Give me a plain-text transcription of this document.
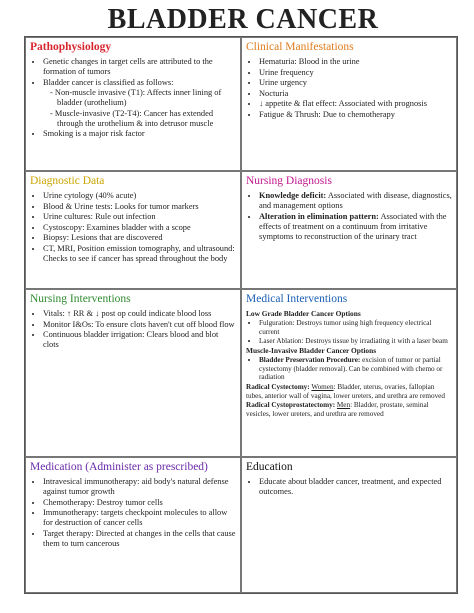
BLADDER CANCER
Pathophysiology
• Genetic changes in target cells are attributed to the formation of tumors
• Bladder cancer is classified as follows:
- Non-muscle invasive (T1): Affects inner lining of bladder (urothelium)
- Muscle-invasive (T2-T4): Cancer has extended through the urothelium & into detrusor muscle
• Smoking is a major risk factor
Clinical Manifestations
• Hematuria: Blood in the urine
• Urine frequency
• Urine urgency
• Nocturia
• ↓ appetite & flat effect: Associated with prognosis
• Fatigue & Thrush: Due to chemotherapy
Diagnostic Data
• Urine cytology (40% acute)
• Blood & Urine tests: Looks for tumor markers
• Urine cultures: Rule out infection
• Cystoscopy: Examines bladder with a scope
• Biopsy: Lesions that are discovered
• CT, MRI, Position emission tomography, and ultrasound: Checks to see if cancer has spread throughout the body
Nursing Diagnosis
• Knowledge deficit: Associated with disease, diagnostics, and management options
• Alteration in elimination pattern: Associated with the effects of treatment on a continuum from irritative symptoms to reconstruction of the urinary tract
Nursing Interventions
• Vitals: ↑ RR & ↓ post op could indicate blood loss
• Monitor I&Os: To ensure clots haven't cut off blood flow
• Continuous bladder irrigation: Clears blood and blot clots
Medical Interventions
Low Grade Bladder Cancer Options
• Fulguration: Destroys tumor using high frequency electrical current
• Laser Ablation: Destroys tissue by irradiating it with a laser beam
Muscle-Invasive Bladder Cancer Options
• Bladder Preservation Procedure: excision of tumor or partial cystectomy (bladder removal). Can be combined with chemo or radiation
Radical Cystectomy: Women: Bladder, uterus, ovaries, fallopian tubes, anterior wall of vagina, lower ureters, and urethra are removed
Radical Cystoprostatectomy: Men: Bladder, prostate, seminal vesicles, lower ureters, and urethra are removed
Medication (Administer as prescribed)
• Intravesical immunotherapy: aid body's natural defense against tumor growth
• Chemotherapy: Destroy tumor cells
• Immunotherapy: targets checkpoint molecules to allow for destruction of cancer cells
• Target therapy: Directed at changes in the cells that cause them to turn cancerous
Education
• Educate about bladder cancer, treatment, and expected outcomes.
